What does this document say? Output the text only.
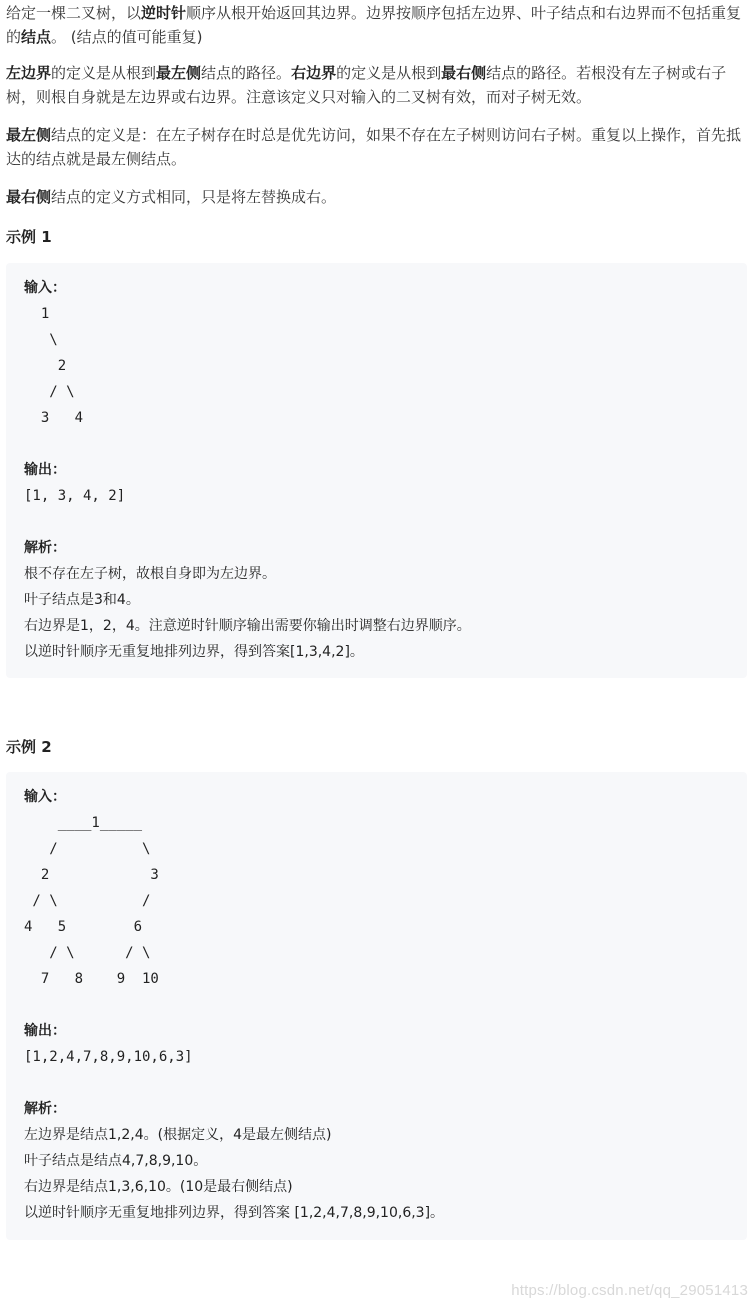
给定一棵二叉树，以逆时针顺序从根开始返回其边界。边界按顺序包括左边界、叶子结点和右边界而不包括重复的结点。 (结点的值可能重复)

左边界的定义是从根到最左侧结点的路径。右边界的定义是从根到最右侧结点的路径。若根没有左子树或右子树，则根自身就是左边界或右边界。注意该定义只对输入的二叉树有效，而对子树无效。

最左侧结点的定义是：在左子树存在时总是优先访问，如果不存在左子树则访问右子树。重复以上操作，首先抵达的结点就是最左侧结点。

最右侧结点的定义方式相同，只是将左替换成右。

示例 1

输入：
1
\
2
/ \
3   4

输出：
[1, 3, 4, 2]

解析：
根不存在左子树，故根自身即为左边界。
叶子结点是3和4。
右边界是1，2，4。注意逆时针顺序输出需要你输出时调整右边界顺序。
以逆时针顺序无重复地排列边界，得到答案[1,3,4,2]。

示例 2

输入：
____1_____
/          \
2            3
/ \          /
4   5        6
/ \      / \
7   8    9  10

输出：
[1,2,4,7,8,9,10,6,3]

解析：
左边界是结点1,2,4。(根据定义，4是最左侧结点)
叶子结点是结点4,7,8,9,10。
右边界是结点1,3,6,10。(10是最右侧结点)
以逆时针顺序无重复地排列边界，得到答案 [1,2,4,7,8,9,10,6,3]。
https://blog.csdn.net/qq_29051413
